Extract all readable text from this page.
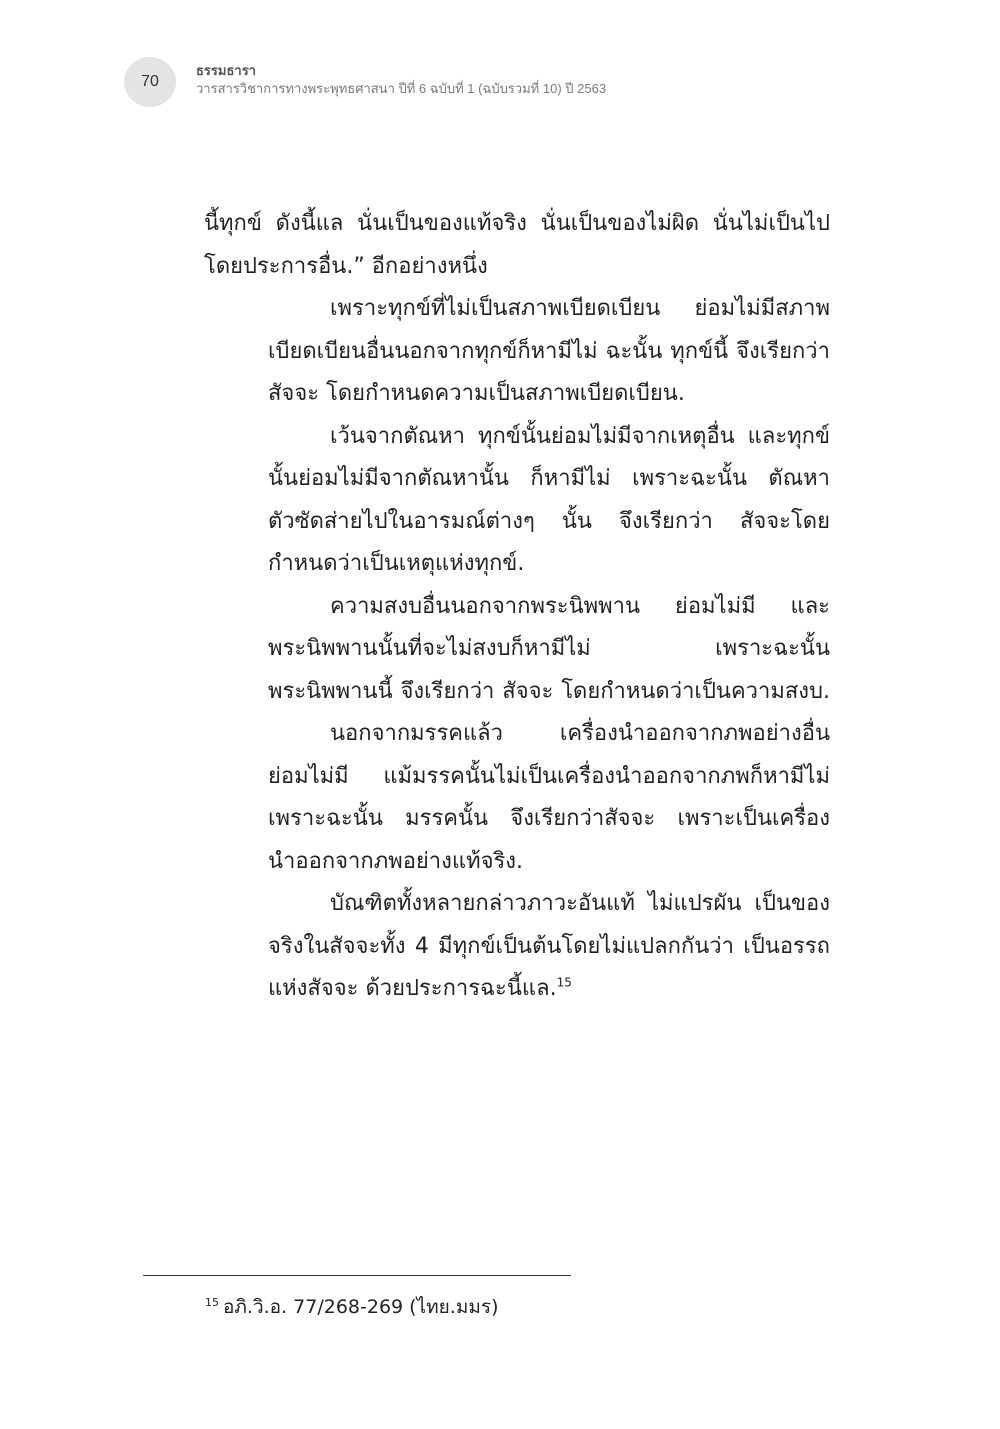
70
ธรรมธารา
วารสารวิชาการทางพระพุทธศาสนา ปีที่ 6 ฉบับที่ 1 (ฉบับรวมที่ 10) ปี 2563
นี้ทุกข์ ดังนี้แล นั่นเป็นของแท้จริง นั่นเป็นของไม่ผิด นั่นไม่เป็นไป
โดยประการอื่น.” อีกอย่างหนึ่ง
เพราะทุกข์ที่ไม่เป็นสภาพเบียดเบียน ย่อมไม่มีสภาพ
เบียดเบียนอื่นนอกจากทุกข์ก็หามีไม่ ฉะนั้น ทุกข์นี้ จึงเรียกว่า
สัจจะ โดยกำหนดความเป็นสภาพเบียดเบียน.
เว้นจากตัณหา ทุกข์นั้นย่อมไม่มีจากเหตุอื่น และทุกข์
นั้นย่อมไม่มีจากตัณหานั้น ก็หามีไม่ เพราะฉะนั้น ตัณหา
ตัวซัดส่ายไปในอารมณ์ต่างๆ นั้น จึงเรียกว่า สัจจะโดย
กำหนดว่าเป็นเหตุแห่งทุกข์.
ความสงบอื่นนอกจากพระนิพพาน ย่อมไม่มี และ
พระนิพพานนั้นที่จะไม่สงบก็หามีไม่ เพราะฉะนั้น
พระนิพพานนี้ จึงเรียกว่า สัจจะ โดยกำหนดว่าเป็นความสงบ.
นอกจากมรรคแล้ว เครื่องนำออกจากภพอย่างอื่น
ย่อมไม่มี แม้มรรคนั้นไม่เป็นเครื่องนำออกจากภพก็หามีไม่
เพราะฉะนั้น มรรคนั้น จึงเรียกว่าสัจจะ เพราะเป็นเครื่อง
นำออกจากภพอย่างแท้จริง.
บัณฑิตทั้งหลายกล่าวภาวะอันแท้ ไม่แปรผัน เป็นของ
จริงในสัจจะทั้ง 4 มีทุกข์เป็นต้นโดยไม่แปลกกันว่า เป็นอรรถ
แห่งสัจจะ ด้วยประการฉะนี้แล.$^{15}$
$^{15}$ อภิ.วิ.อ. 77/268-269 (ไทย.มมร)
